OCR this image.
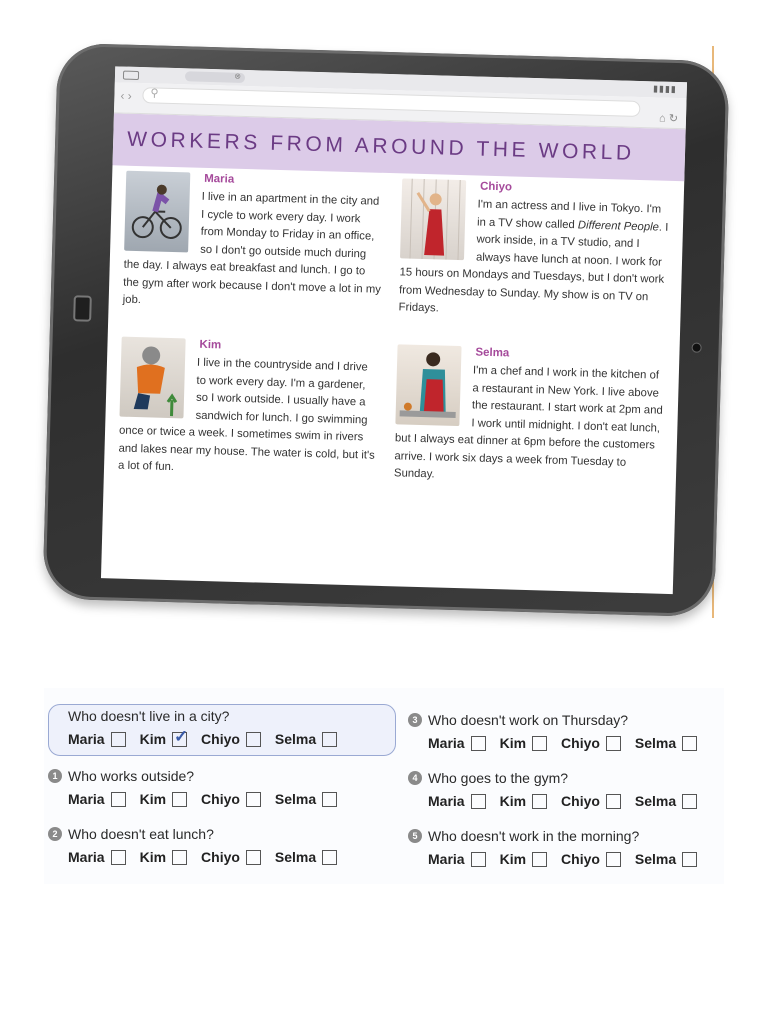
⊗
▮▮▮▮
‹ › ⚲
⌂ ↻
WORKERS FROM AROUND THE WORLD
Maria
I live in an apartment in the city and I cycle to work every day. I work from Monday to Friday in an office, so I don't go outside much during the day. I always eat breakfast and lunch. I go to the gym after work because I don't move a lot in my job.
Chiyo
I'm an actress and I live in Tokyo. I'm in a TV show called Different People. I work inside, in a TV studio, and I always have lunch at noon. I work for 15 hours on Mondays and Tuesdays, but I don't work from Wednesday to Sunday. My show is on TV on Fridays.
Kim
I live in the countryside and I drive to work every day. I'm a gardener, so I work outside. I usually have a sandwich for lunch. I go swimming once or twice a week. I sometimes swim in rivers and lakes near my house. The water is cold, but it's a lot of fun.
Selma
I'm a chef and I work in the kitchen of a restaurant in New York. I live above the restaurant. I start work at 2pm and I work until midnight. I don't eat lunch, but I always eat dinner at 6pm before the customers arrive. I work six days a week from Tuesday to Sunday.
Who doesn't live in a city?
Maria	Kim ✓ Chiyo	Selma
1 Who works outside?
Maria	Kim	Chiyo	Selma
2 Who doesn't eat lunch?
Maria	Kim	Chiyo	Selma
3 Who doesn't work on Thursday?
Maria	Kim	Chiyo	Selma
4 Who goes to the gym?
Maria	Kim	Chiyo	Selma
5 Who doesn't work in the morning?
Maria	Kim	Chiyo	Selma
